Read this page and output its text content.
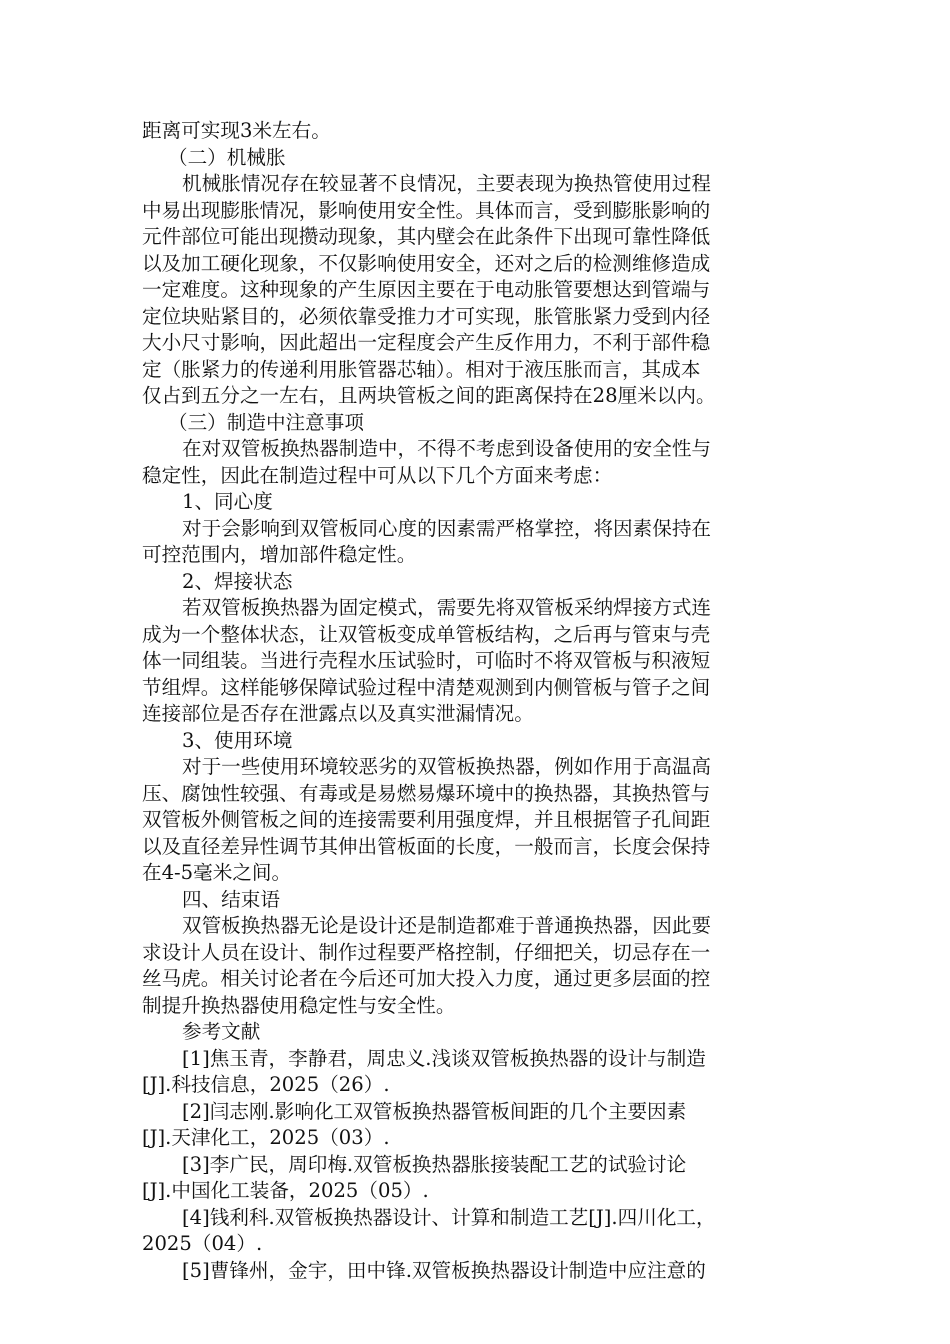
距离可实现3米左右。
（二）机械胀
机械胀情况存在较显著不良情况，主要表现为换热管使用过程
中易出现膨胀情况，影响使用安全性。具体而言，受到膨胀影响的
元件部位可能出现攒动现象，其内壁会在此条件下出现可靠性降低
以及加工硬化现象，不仅影响使用安全，还对之后的检测维修造成
一定难度。这种现象的产生原因主要在于电动胀管要想达到管端与
定位块贴紧目的，必须依靠受推力才可实现，胀管胀紧力受到内径
大小尺寸影响，因此超出一定程度会产生反作用力，不利于部件稳
定（胀紧力的传递利用胀管器芯轴）。相对于液压胀而言，其成本
仅占到五分之一左右，且两块管板之间的距离保持在28厘米以内。
（三）制造中注意事项
在对双管板换热器制造中，不得不考虑到设备使用的安全性与
稳定性，因此在制造过程中可从以下几个方面来考虑：
1、同心度
对于会影响到双管板同心度的因素需严格掌控，将因素保持在
可控范围内，增加部件稳定性。
2、焊接状态
若双管板换热器为固定模式，需要先将双管板采纳焊接方式连
成为一个整体状态，让双管板变成单管板结构，之后再与管束与壳
体一同组装。当进行壳程水压试验时，可临时不将双管板与积液短
节组焊。这样能够保障试验过程中清楚观测到内侧管板与管子之间
连接部位是否存在泄露点以及真实泄漏情况。
3、使用环境
对于一些使用环境较恶劣的双管板换热器，例如作用于高温高
压、腐蚀性较强、有毒或是易燃易爆环境中的换热器，其换热管与
双管板外侧管板之间的连接需要利用强度焊，并且根据管子孔间距
以及直径差异性调节其伸出管板面的长度，一般而言，长度会保持
在4-5毫米之间。
四、结束语
双管板换热器无论是设计还是制造都难于普通换热器，因此要
求设计人员在设计、制作过程要严格控制，仔细把关，切忌存在一
丝马虎。相关讨论者在今后还可加大投入力度，通过更多层面的控
制提升换热器使用稳定性与安全性。
参考文献
[1]焦玉青，李静君，周忠义.浅谈双管板换热器的设计与制造
[J].科技信息，2025（26）.
[2]闫志刚.影响化工双管板换热器管板间距的几个主要因素
[J].天津化工，2025（03）.
[3]李广民，周印梅.双管板换热器胀接装配工艺的试验讨论
[J].中国化工装备，2025（05）.
[4]钱利科.双管板换热器设计、计算和制造工艺[J].四川化工，
2025（04）.
[5]曹锋州，金宇，田中锋.双管板换热器设计制造中应注意的
